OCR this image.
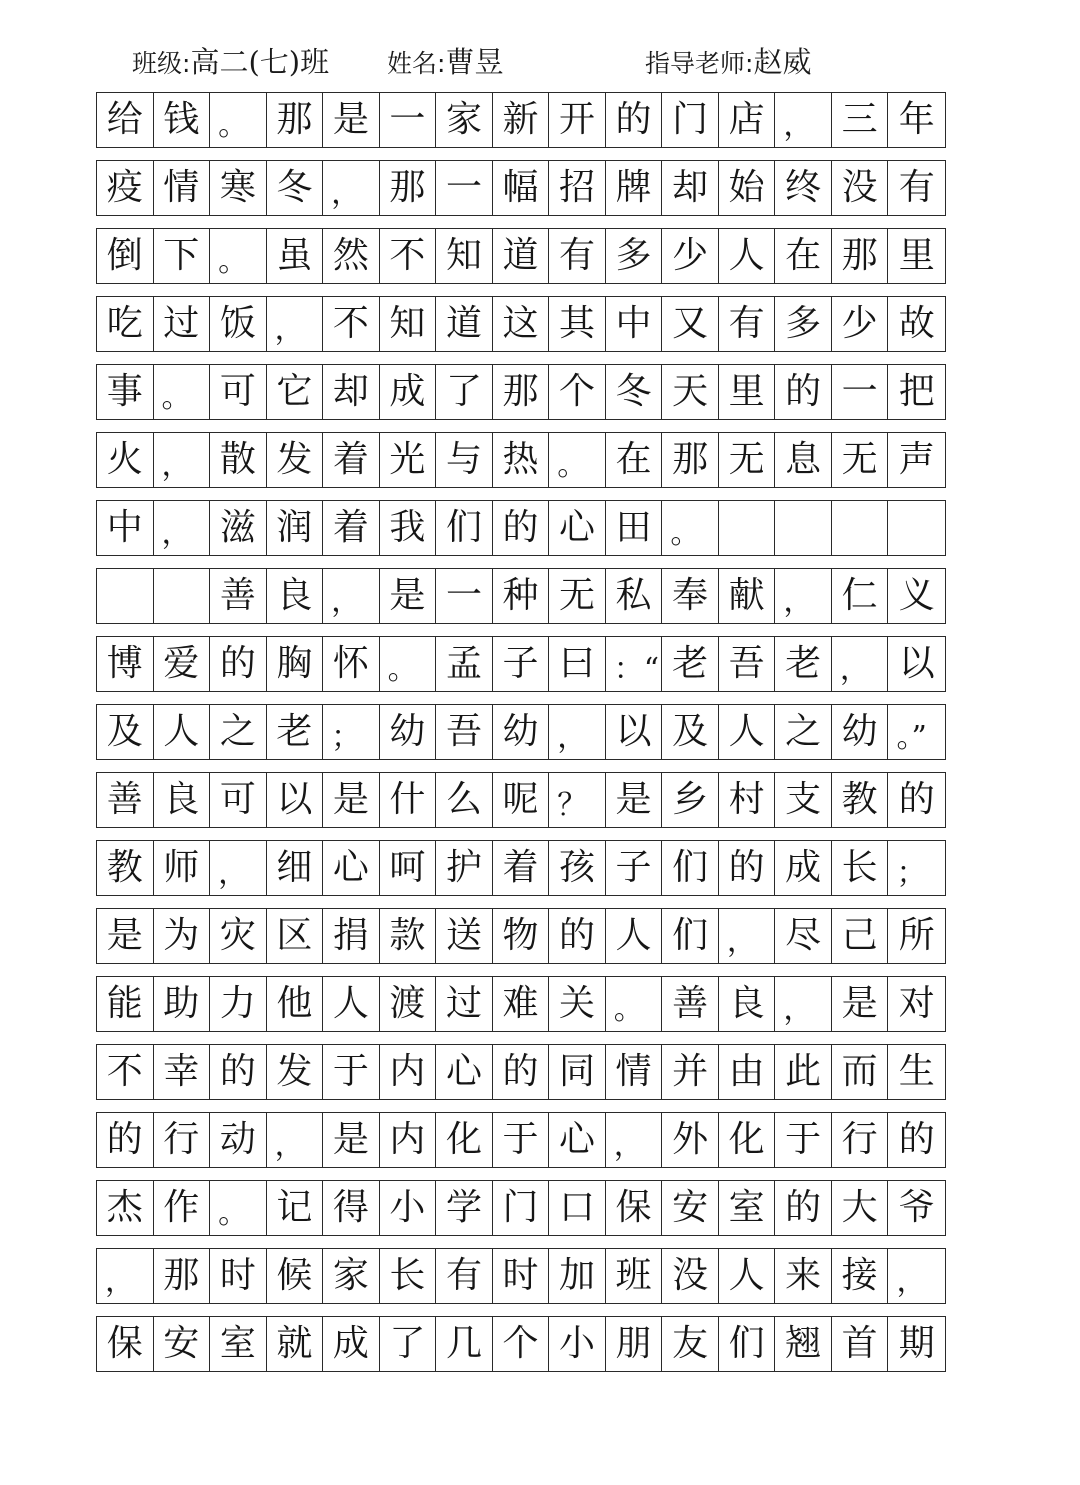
班级:高二(七)班 姓名:曹昱	指导老师:赵威
给 钱 。 那 是 一 家 新 开 的 门 店 ， 三 年
疫 情 寒 冬 ， 那 一 幅 招 牌 却 始 终 没 有
倒 下 。 虽 然 不 知 道 有 多 少 人 在 那 里
吃 过 饭 ， 不 知 道 这 其 中 又 有 多 少 故
事 。 可 它 却 成 了 那 个 冬 天 里 的 一 把
火 ， 散 发 着 光 与 热 。 在 那 无 息 无 声
中 ， 滋 润 着 我 们 的 心 田 。
善 良 ， 是 一 种 无 私 奉 献 ， 仁 义
博 爱 的 胸 怀 。 孟 子 曰 ：“ 老 吾 老 ， 以
及 人 之 老 ； 幼 吾 幼 ， 以 及 人 之 幼 。”
善 良 可 以 是 什 么 呢 ？ 是 乡 村 支 教 的
教 师 ， 细 心 呵 护 着 孩 子 们 的 成 长 ；
是 为 灾 区 捐 款 送 物 的 人 们 ， 尽 己 所
能 助 力 他 人 渡 过 难 关 。 善 良 ， 是 对
不 幸 的 发 于 内 心 的 同 情 并 由 此 而 生
的 行 动 ， 是 内 化 于 心 ， 外 化 于 行 的
杰 作 。 记 得 小 学 门 口 保 安 室 的 大 爷
， 那 时 候 家 长 有 时 加 班 没 人 来 接 ，
保 安 室 就 成 了 几 个 小 朋 友 们 翘 首 期
